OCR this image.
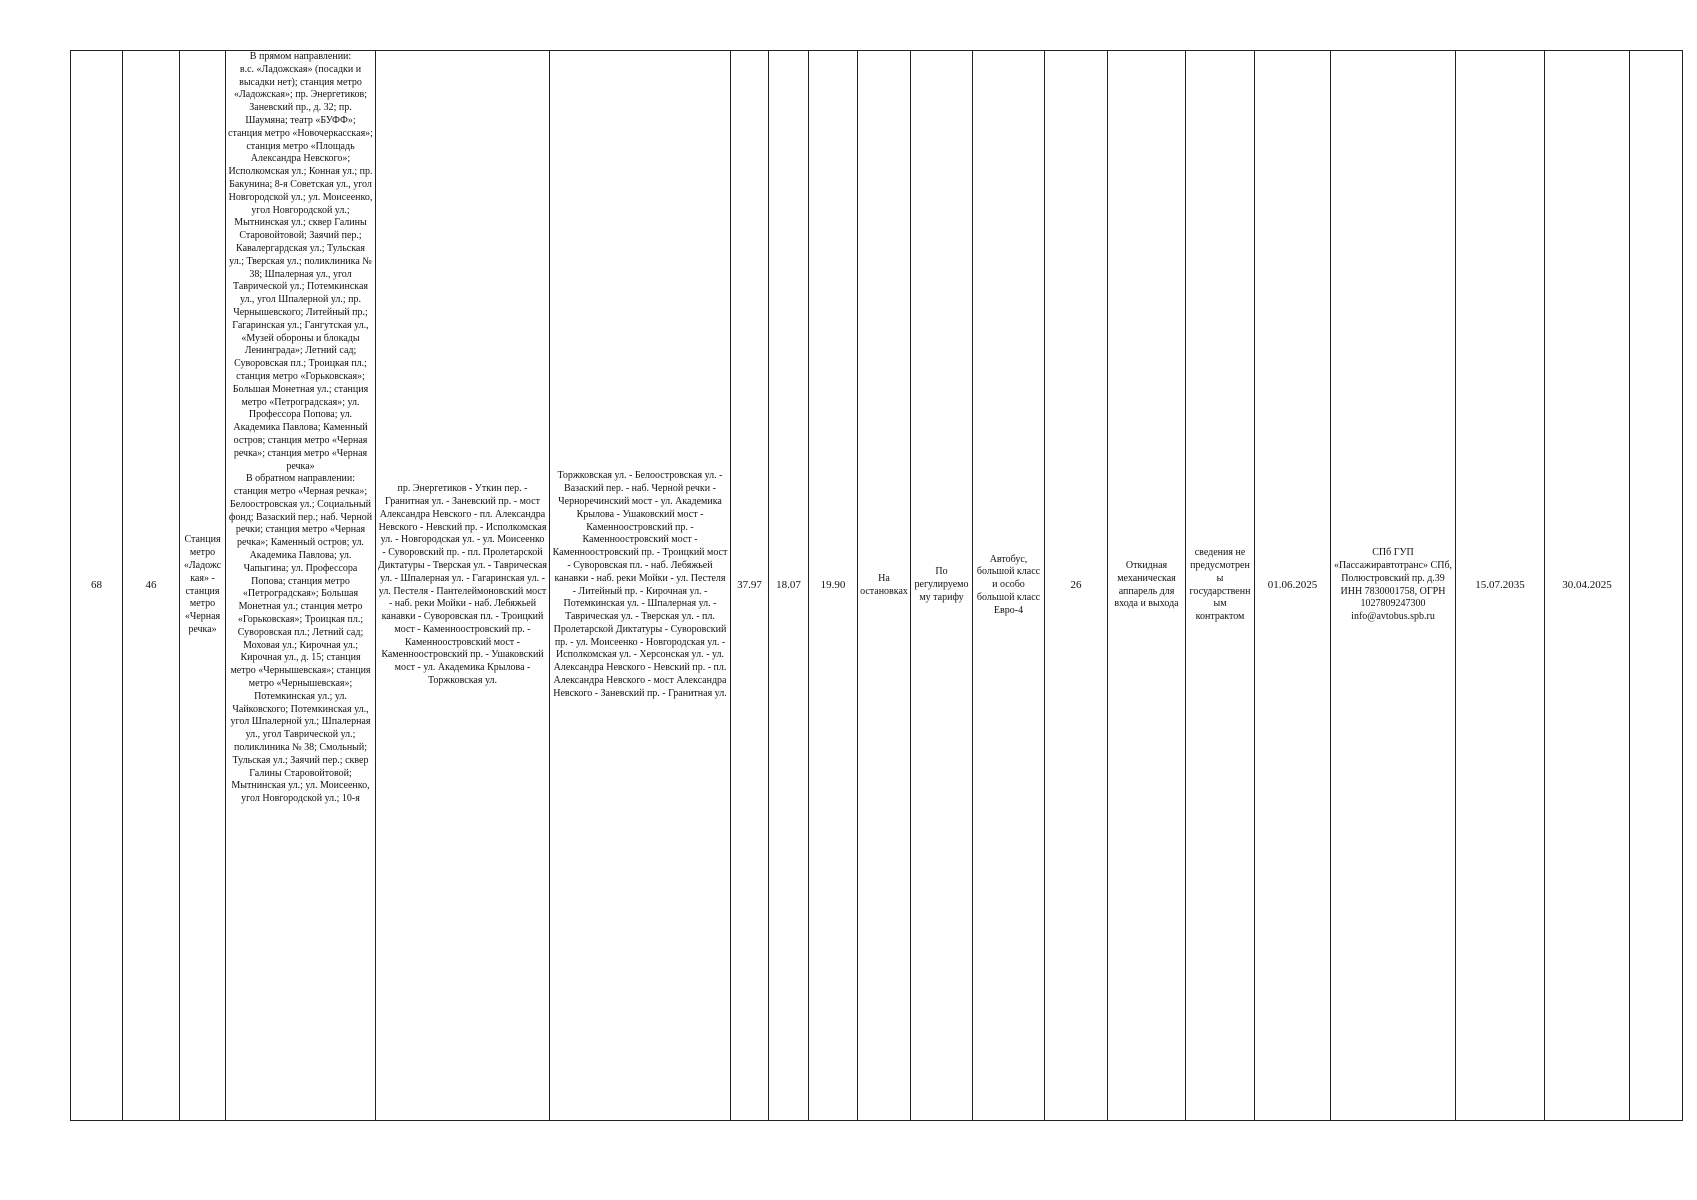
68	46	Станция метро «Ладожская» - станция метро «Черная речка»	
В прямом направлении:
в.с. «Ладожская» (посадки и высадки нет); станция метро «Ладожская»; пр. Энергетиков; Заневский пр., д. 32; пр. Шаумяна; театр «БУФФ»; станция метро «Новочеркасская»; станция метро «Площадь Александра Невского»; Исполкомская ул.; Конная ул.; пр. Бакунина; 8-я Советская ул., угол Новгородской ул.; ул. Моисеенко, угол Новгородской ул.; Мытнинская ул.; сквер Галины Старовойтовой; Заячий пер.; Кавалергардская ул.; Тульская ул.; Тверская ул.; поликлиника № 38; Шпалерная ул., угол Таврической ул.; Потемкинская ул., угол Шпалерной ул.; пр. Чернышевского; Литейный пр.; Гагаринская ул.; Гангутская ул., «Музей обороны и блокады Ленинграда»; Летний сад; Суворовская пл.; Троицкая пл.; станция метро «Горьковская»; Большая Монетная ул.; станция метро «Петроградская»; ул. Профессора Попова; ул. Академика Павлова; Каменный остров; станция метро «Черная речка»; станция метро «Черная речка»
В обратном направлении:
станция метро «Черная речка»; Белоостровская ул.; Социальный фонд; Вазаский пер.; наб. Черной речки; станция метро «Черная речка»; Каменный остров; ул. Академика Павлова; ул. Чапыгина; ул. Профессора Попова; станция метро «Петроградская»; Большая Монетная ул.; станция метро «Горьковская»; Троицкая пл.; Суворовская пл.; Летний сад; Моховая ул.; Кирочная ул.; Кирочная ул., д. 15; станция метро «Чернышевская»; станция метро «Чернышевская»; Потемкинская ул.; ул. Чайковского; Потемкинская ул., угол Шпалерной ул.; Шпалерная ул., угол Таврической ул.; поликлиника № 38; Смольный; Тульская ул.; Заячий пер.; сквер Галины Старовойтовой; Мытнинская ул.; ул. Моисеенко, угол Новгородской ул.; 10-я	пр. Энергетиков - Уткин пер. - Гранитная ул. - Заневский пр. - мост Александра Невского - пл. Александра Невского - Невский пр. - Исполкомская ул. - Новгородская ул. - ул. Моисеенко - Суворовский пр. - пл. Пролетарской Диктатуры - Тверская ул. - Таврическая ул. - Шпалерная ул. - Гагаринская ул. - ул. Пестеля - Пантелеймоновский мост - наб. реки Мойки - наб. Лебяжьей канавки - Суворовская пл. - Троицкий мост - Каменноостровский пр. - Каменноостровский мост - Каменноостровский пр. - Ушаковский мост - ул. Академика Крылова - Торжковская ул.	Торжковская ул. - Белоостровская ул. - Вазаский пер. - наб. Черной речки - Черноречинский мост - ул. Академика Крылова - Ушаковский мост - Каменноостровский пр. - Каменноостровский мост - Каменноостровский пр. - Троицкий мост - Суворовская пл. - наб. Лебяжьей канавки - наб. реки Мойки - ул. Пестеля - Литейный пр. - Кирочная ул. - Потемкинская ул. - Шпалерная ул. - Таврическая ул. - Тверская ул. - пл. Пролетарской Диктатуры - Суворовский пр. - ул. Моисеенко - Новгородская ул. - Исполкомская ул. - Херсонская ул. - ул. Александра Невского - Невский пр. - пл. Александра Невского - мост Александра Невского - Заневский пр. - Гранитная ул.	37.97	18.07	19.90	На остановках	По регулируемому тарифу	Автобус, большой класс и особо большой класс Евро-4	26	Откидная механическая аппарель для входа и выхода	сведения не предусмотрены государственным контрактом	01.06.2025	СПб ГУП «Пассажиравтотранс» СПб, Полюстровский пр. д.39 ИНН 7830001758, ОГРН 1027809247300 info@avtobus.spb.ru	15.07.2035	30.04.2025	
